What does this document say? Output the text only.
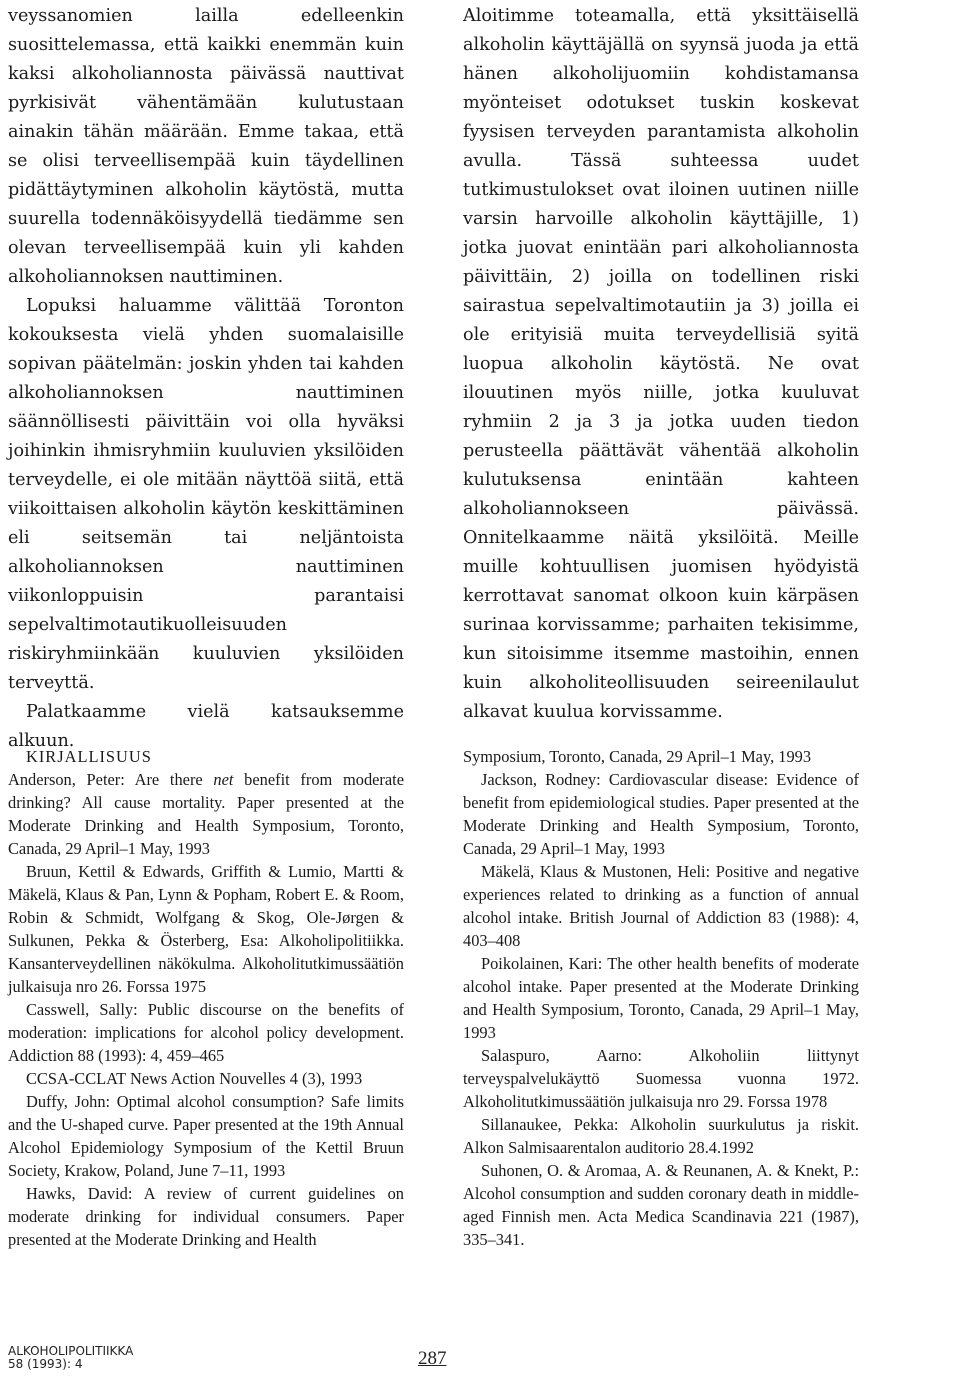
veyssanomien lailla edelleenkin suosittelemassa, että kaikki enemmän kuin kaksi alkoholiannosta päivässä nauttivat pyrkisivät vähentämään kulutustaan ainakin tähän määrään. Emme takaa, että se olisi terveellisempää kuin täydellinen pidättäytyminen alkoholin käytöstä, mutta suurella todennäköisyydellä tiedämme sen olevan terveellisempää kuin yli kahden alkoholiannoksen nauttiminen.

Lopuksi haluamme välittää Toronton kokouksesta vielä yhden suomalaisille sopivan päätelmän: joskin yhden tai kahden alkoholiannoksen nauttiminen säännöllisesti päivittäin voi olla hyväksi joihinkin ihmisryhmiin kuuluvien yksilöiden terveydelle, ei ole mitään näyttöä siitä, että viikoittaisen alkoholin käytön keskittäminen eli seitsemän tai neljäntoista alkoholiannoksen nauttiminen viikonloppuisin parantaisi sepelvaltimotautikuolleisuuden riskiryhmiinkään kuuluvien yksilöiden terveyttä.

Palatkaamme vielä katsauksemme alkuun.

Aloitimme toteamalla, että yksittäisellä alkoholin käyttäjällä on syynsä juoda ja että hänen alkoholijuomiin kohdistamansa myönteiset odotukset tuskin koskevat fyysisen terveyden parantamista alkoholin avulla. Tässä suhteessa uudet tutkimustulokset ovat iloinen uutinen niille varsin harvoille alkoholin käyttäjille, 1) jotka juovat enintään pari alkoholiannosta päivittäin, 2) joilla on todellinen riski sairastua sepelvaltimotautiin ja 3) joilla ei ole erityisiä muita terveydellisiä syitä luopua alkoholin käytöstä. Ne ovat ilouutinen myös niille, jotka kuuluvat ryhmiin 2 ja 3 ja jotka uuden tiedon perusteella päättävät vähentää alkoholin kulutuksensa enintään kahteen alkoholiannokseen päivässä. Onnitelkaamme näitä yksilöitä. Meille muille kohtuullisen juomisen hyödyistä kerrottavat sanomat olkoon kuin kärpäsen surinaa korvissamme; parhaiten tekisimme, kun sitoisimme itsemme mastoihin, ennen kuin alkoholiteollisuuden seireenilaulut alkavat kuulua korvissamme.

KIRJALLISUUS

Anderson, Peter: Are there net benefit from moderate drinking? All cause mortality. Paper presented at the Moderate Drinking and Health Symposium, Toronto, Canada, 29 April–1 May, 1993

Bruun, Kettil & Edwards, Griffith & Lumio, Martti & Mäkelä, Klaus & Pan, Lynn & Popham, Robert E. & Room, Robin & Schmidt, Wolfgang & Skog, Ole-Jørgen & Sulkunen, Pekka & Österberg, Esa: Alkoholipolitiikka. Kansanterveydellinen näkökulma. Alkoholitutkimussäätiön julkaisuja nro 26. Forssa 1975

Casswell, Sally: Public discourse on the benefits of moderation: implications for alcohol policy development. Addiction 88 (1993): 4, 459–465

CCSA-CCLAT News Action Nouvelles 4 (3), 1993

Duffy, John: Optimal alcohol consumption? Safe limits and the U-shaped curve. Paper presented at the 19th Annual Alcohol Epidemiology Symposium of the Kettil Bruun Society, Krakow, Poland, June 7–11, 1993

Hawks, David: A review of current guidelines on moderate drinking for individual consumers. Paper presented at the Moderate Drinking and Health

Symposium, Toronto, Canada, 29 April–1 May, 1993

Jackson, Rodney: Cardiovascular disease: Evidence of benefit from epidemiological studies. Paper presented at the Moderate Drinking and Health Symposium, Toronto, Canada, 29 April–1 May, 1993

Mäkelä, Klaus & Mustonen, Heli: Positive and negative experiences related to drinking as a function of annual alcohol intake. British Journal of Addiction 83 (1988): 4, 403–408

Poikolainen, Kari: The other health benefits of moderate alcohol intake. Paper presented at the Moderate Drinking and Health Symposium, Toronto, Canada, 29 April–1 May, 1993

Salaspuro, Aarno: Alkoholiin liittynyt terveyspalvelukäyttö Suomessa vuonna 1972. Alkoholitutkimussäätiön julkaisuja nro 29. Forssa 1978

Sillanaukee, Pekka: Alkoholin suurkulutus ja riskit. Alkon Salmisaarentalon auditorio 28.4.1992

Suhonen, O. & Aromaa, A. & Reunanen, A. & Knekt, P.: Alcohol consumption and sudden coronary death in middle-aged Finnish men. Acta Medica Scandinavia 221 (1987), 335–341.

ALKOHOLIPOLITIIKKA
58 (1993): 4	287
